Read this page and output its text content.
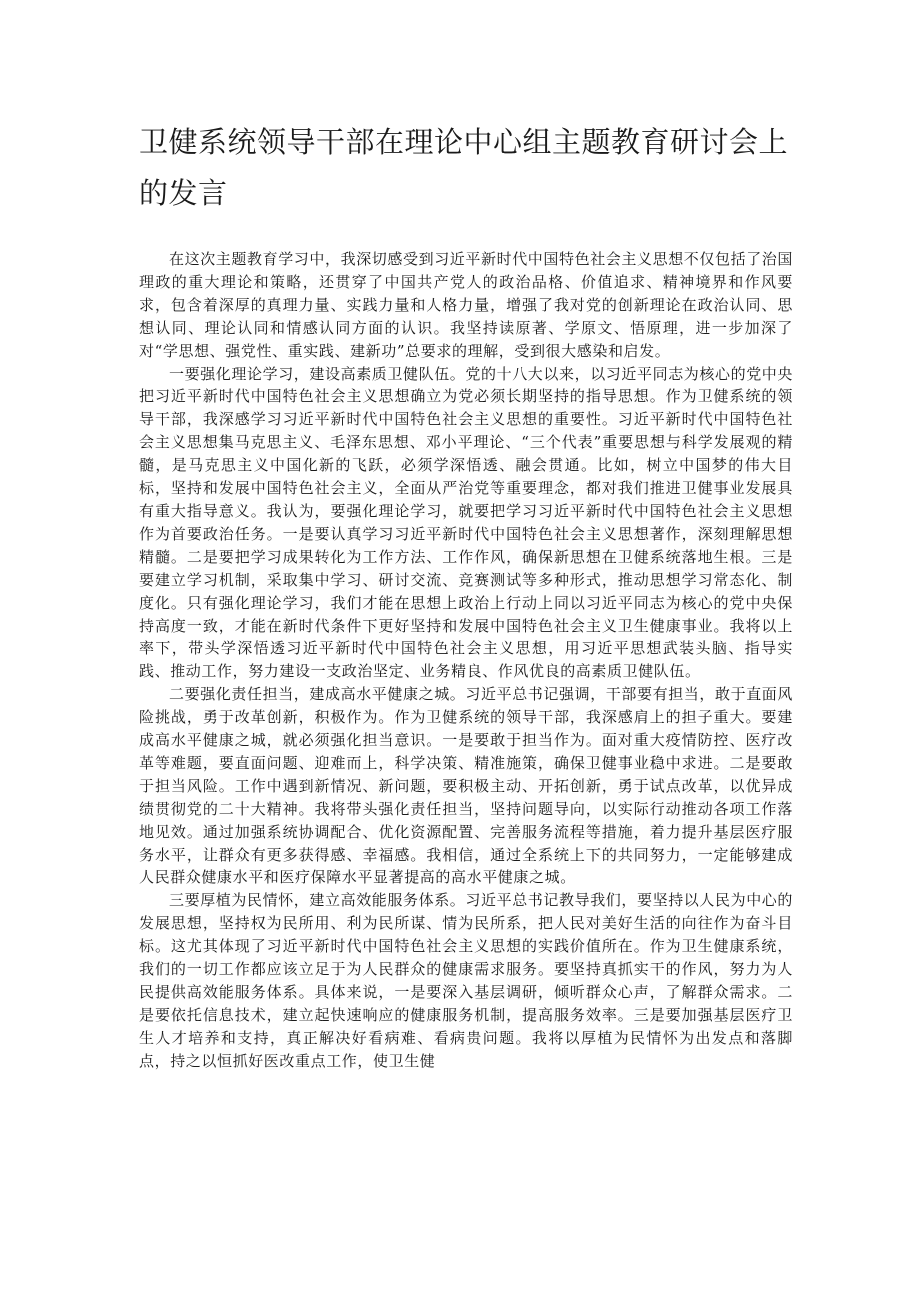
卫健系统领导干部在理论中心组主题教育研讨会上的发言

在这次主题教育学习中，我深切感受到习近平新时代中国特色社会主义思想不仅包括了治国理政的重大理论和策略，还贯穿了中国共产党人的政治品格、价值追求、精神境界和作风要求，包含着深厚的真理力量、实践力量和人格力量，增强了我对党的创新理论在政治认同、思想认同、理论认同和情感认同方面的认识。我坚持读原著、学原文、悟原理，进一步加深了对“学思想、强党性、重实践、建新功”总要求的理解，受到很大感染和启发。

一要强化理论学习，建设高素质卫健队伍。党的十八大以来，以习近平同志为核心的党中央把习近平新时代中国特色社会主义思想确立为党必须长期坚持的指导思想。作为卫健系统的领导干部，我深感学习习近平新时代中国特色社会主义思想的重要性。习近平新时代中国特色社会主义思想集马克思主义、毛泽东思想、邓小平理论、“三个代表”重要思想与科学发展观的精髓，是马克思主义中国化新的飞跃，必须学深悟透、融会贯通。比如，树立中国梦的伟大目标，坚持和发展中国特色社会主义，全面从严治党等重要理念，都对我们推进卫健事业发展具有重大指导意义。我认为，要强化理论学习，就要把学习习近平新时代中国特色社会主义思想作为首要政治任务。一是要认真学习习近平新时代中国特色社会主义思想著作，深刻理解思想精髓。二是要把学习成果转化为工作方法、工作作风，确保新思想在卫健系统落地生根。三是要建立学习机制，采取集中学习、研讨交流、竞赛测试等多种形式，推动思想学习常态化、制度化。只有强化理论学习，我们才能在思想上政治上行动上同以习近平同志为核心的党中央保持高度一致，才能在新时代条件下更好坚持和发展中国特色社会主义卫生健康事业。我将以上率下，带头学深悟透习近平新时代中国特色社会主义思想，用习近平思想武装头脑、指导实践、推动工作，努力建设一支政治坚定、业务精良、作风优良的高素质卫健队伍。

二要强化责任担当，建成高水平健康之城。习近平总书记强调，干部要有担当，敢于直面风险挑战，勇于改革创新，积极作为。作为卫健系统的领导干部，我深感肩上的担子重大。要建成高水平健康之城，就必须强化担当意识。一是要敢于担当作为。面对重大疫情防控、医疗改革等难题，要直面问题、迎难而上，科学决策、精准施策，确保卫健事业稳中求进。二是要敢于担当风险。工作中遇到新情况、新问题，要积极主动、开拓创新，勇于试点改革，以优异成绩贯彻党的二十大精神。我将带头强化责任担当，坚持问题导向，以实际行动推动各项工作落地见效。通过加强系统协调配合、优化资源配置、完善服务流程等措施，着力提升基层医疗服务水平，让群众有更多获得感、幸福感。我相信，通过全系统上下的共同努力，一定能够建成人民群众健康水平和医疗保障水平显著提高的高水平健康之城。

三要厚植为民情怀，建立高效能服务体系。习近平总书记教导我们，要坚持以人民为中心的发展思想，坚持权为民所用、利为民所谋、情为民所系，把人民对美好生活的向往作为奋斗目标。这尤其体现了习近平新时代中国特色社会主义思想的实践价值所在。作为卫生健康系统，我们的一切工作都应该立足于为人民群众的健康需求服务。要坚持真抓实干的作风，努力为人民提供高效能服务体系。具体来说，一是要深入基层调研，倾听群众心声，了解群众需求。二是要依托信息技术，建立起快速响应的健康服务机制，提高服务效率。三是要加强基层医疗卫生人才培养和支持，真正解决好看病难、看病贵问题。我将以厚植为民情怀为出发点和落脚点，持之以恒抓好医改重点工作，使卫生健
